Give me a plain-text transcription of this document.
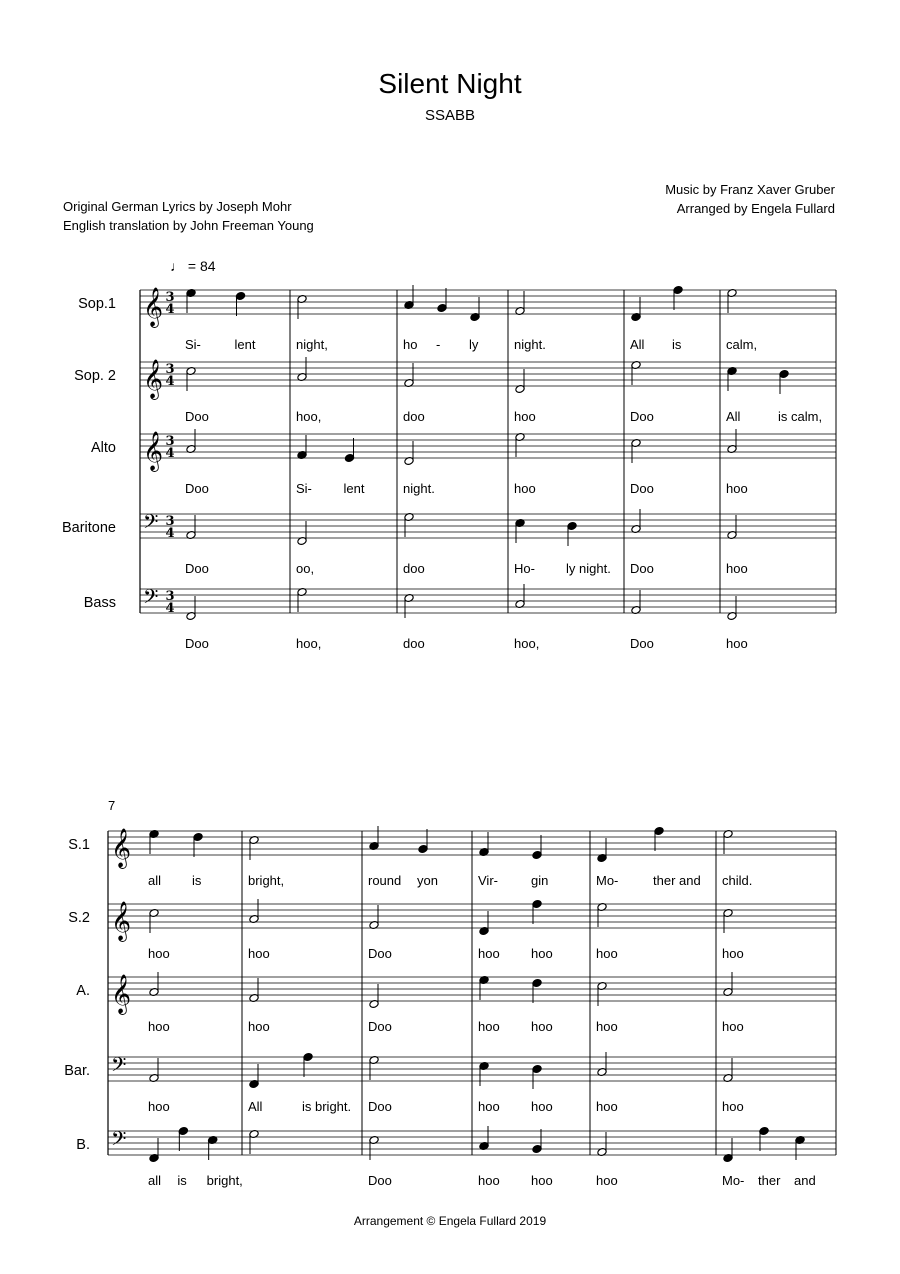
Silent Night
SSABB
Original German Lyrics by Joseph Mohr
English translation by John Freeman Young
Music by Franz Xaver Gruber
Arranged by Engela Fullard
♩ = 84
7
Sop.1 𝄞 3
4
Si-	lent	night,	ho - ly	night.	All is	calm,
Sop. 2 𝄞 3
4
Doo	hoo,	doo	hoo	Doo	All	is calm,
Alto 𝄞 3
4
Doo	Si- lent	night.	hoo	Doo	hoo
Baritone 𝄢 3
4
Doo	oo,	doo	Ho- ly night. Doo	hoo
Bass 𝄢 3
4
Doo	hoo,	doo	hoo,	Doo	hoo
S.1 𝄞
all is	bright,	round yon	Vir-	gin	Mo-	ther and child.
S.2 𝄞
hoo	hoo	Doo	hoo hoo	hoo	hoo
A. 𝄞
hoo	hoo	Doo	hoo hoo	hoo	hoo
Bar. 𝄢
hoo	All	is bright. Doo	hoo hoo	hoo	hoo
B. 𝄢
all is bright,	Doo	hoo hoo	hoo	Mo- ther and
Arrangement © Engela Fullard 2019
